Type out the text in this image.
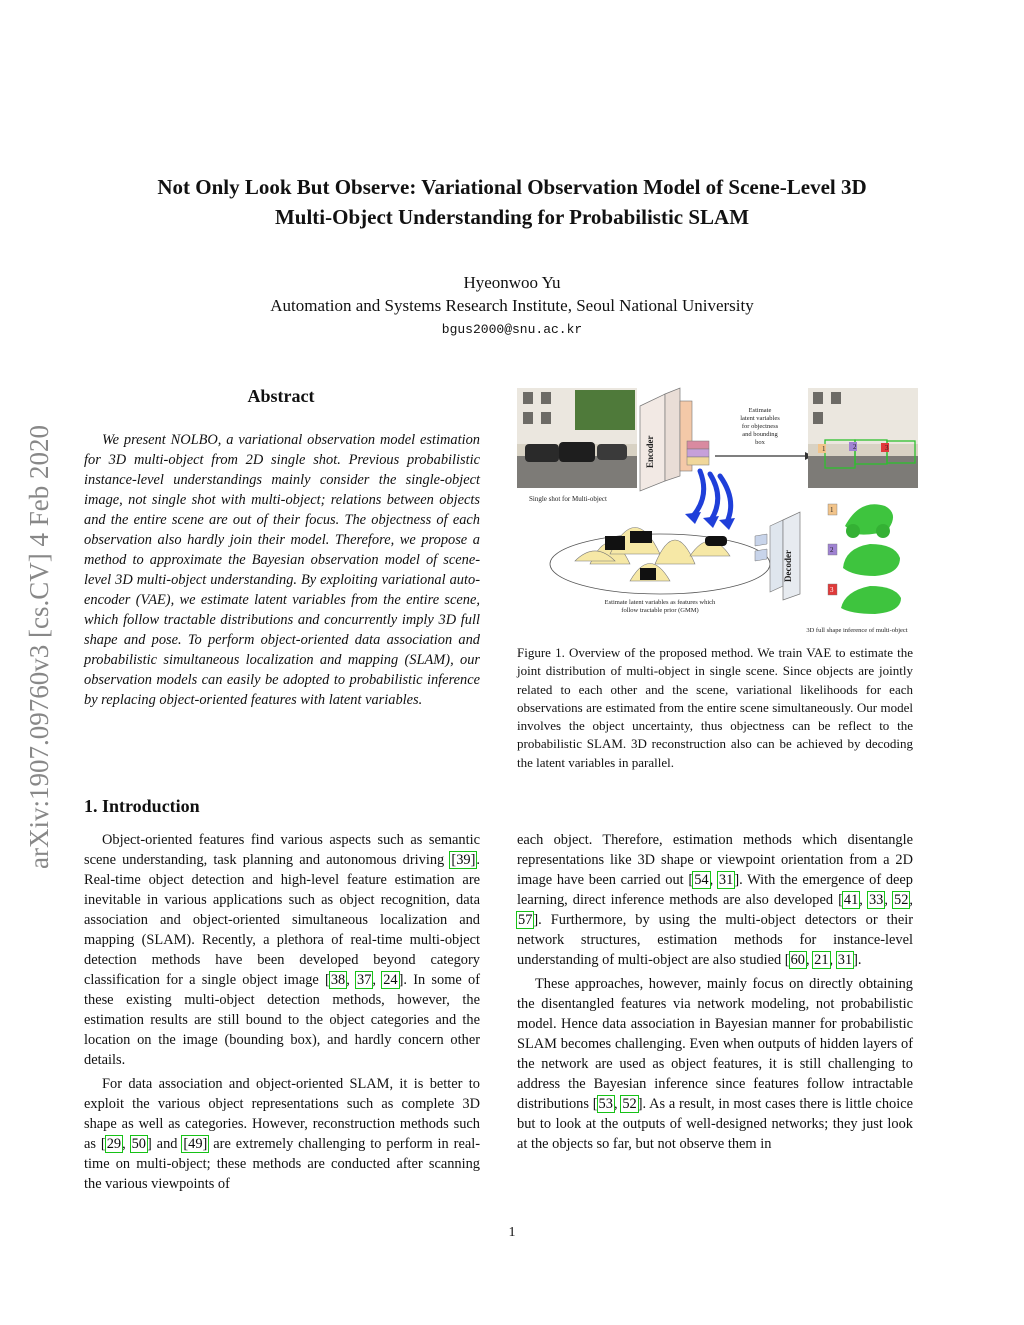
Not Only Look But Observe: Variational Observation Model of Scene-Level 3D
Multi-Object Understanding for Probabilistic SLAM
Hyeonwoo Yu
Automation and Systems Research Institute, Seoul National University
bgus2000@snu.ac.kr
arXiv:1907.09760v3 [cs.CV] 4 Feb 2020
Abstract
We present NOLBO, a variational observation model estimation for 3D multi-object from 2D single shot. Previous probabilistic instance-level understandings mainly consider the single-object image, not single shot with multi-object; relations between objects and the entire scene are out of their focus. The objectness of each observation also hardly join their model. Therefore, we propose a method to approximate the Bayesian observation model of scene-level 3D multi-object understanding. By exploiting variational auto-encoder (VAE), we estimate latent variables from the entire scene, which follow tractable distributions and concurrently imply 3D full shape and pose. To perform object-oriented data association and probabilistic simultaneous localization and mapping (SLAM), our observation models can easily be adopted to probabilistic inference by replacing object-oriented features with latent variables.
1. Introduction

Object-oriented features find various aspects such as semantic scene understanding, task planning and autonomous driving [39]. Real-time object detection and high-level feature estimation are inevitable in various applications such as object recognition, data association and object-oriented simultaneous localization and mapping (SLAM). Recently, a plethora of real-time multi-object detection methods have been developed beyond category classification for a single object image [38, 37, 24]. In some of these existing multi-object detection methods, however, the estimation results are still bound to the object categories and the location on the image (bounding box), and hardly concern other details.

For data association and object-oriented SLAM, it is better to exploit the various object representations such as complete 3D shape as well as categories. However, reconstruction methods such as [29, 50] and [49] are extremely challenging to perform in real-time on multi-object; these methods are conducted after scanning the various viewpoints of

each object. Therefore, estimation methods which disentangle representations like 3D shape or viewpoint orientation from a 2D image have been carried out [54, 31]. With the emergence of deep learning, direct inference methods are also developed [41, 33, 52, 57]. Furthermore, by using the multi-object detectors or their network structures, estimation methods for instance-level understanding of multi-object are also studied [60, 21, 31].

These approaches, however, mainly focus on directly obtaining the disentangled features via network modeling, not probabilistic model. Hence data association in Bayesian manner for probabilistic SLAM becomes challenging. Even when outputs of hidden layers of the network are used as object features, it is still challenging to address the Bayesian inference since features follow intractable distributions [53, 52]. As a result, in most cases there is little choice but to look at the outputs of well-designed networks; they just look at the objects so far, but not observe them in

Single shot for Multi-object
Encoder
Estimate
latent variables
for objectness
and bounding
box
1	2	3
Estimate latent variables as features which
follow tractable prior (GMM)
Decoder
1
2
3
3D full shape inference of multi-object
Figure 1. Overview of the proposed method. We train VAE to estimate the joint distribution of multi-object in single scene. Since objects are jointly related to each other and the scene, variational likelihoods for each observations are estimated from the entire scene simultaneously. Our model involves the object uncertainty, thus objectness can be reflect to the probabilistic SLAM. 3D reconstruction also can be achieved by decoding the latent variables in parallel.
1
